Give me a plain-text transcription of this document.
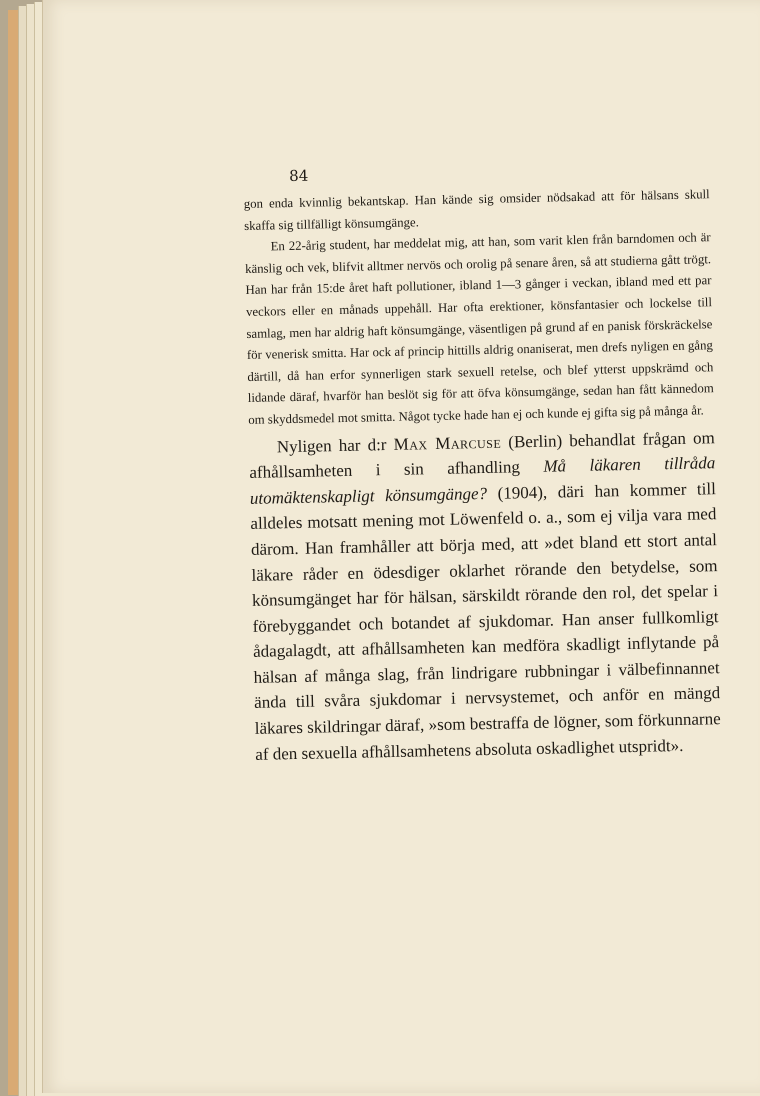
84

gon enda kvinnlig bekantskap. Han kände sig omsider nödsakad att för hälsans skull skaffa sig tillfälligt könsumgänge.

En 22-årig student, har meddelat mig, att han, som varit klen från barndomen och är känslig och vek, blifvit alltmer nervös och orolig på senare åren, så att studierna gått trögt. Han har från 15:de året haft pollutioner, ibland 1—3 gånger i veckan, ibland med ett par veckors eller en månads uppehåll. Har ofta erektioner, könsfantasier och lockelse till samlag, men har aldrig haft könsumgänge, väsentligen på grund af en panisk förskräckelse för venerisk smitta. Har ock af princip hittills aldrig onaniserat, men drefs nyligen en gång därtill, då han erfor synnerligen stark sexuell retelse, och blef ytterst uppskrämd och lidande däraf, hvarför han beslöt sig för att öfva könsumgänge, sedan han fått kännedom om skyddsmedel mot smitta. Något tycke hade han ej och kunde ej gifta sig på många år.

Nyligen har d:r Max Marcuse (Berlin) behandlat frågan om afhållsamheten i sin afhandling Må läkaren tillråda utomäktenskapligt könsumgänge? (1904), däri han kommer till alldeles motsatt mening mot Löwenfeld o. a., som ej vilja vara med därom. Han framhåller att börja med, att »det bland ett stort antal läkare råder en ödesdiger oklarhet rörande den betydelse, som könsumgänget har för hälsan, särskildt rörande den rol, det spelar i förebyggandet och botandet af sjukdomar. Han anser fullkomligt ådagalagdt, att afhållsamheten kan medföra skadligt inflytande på hälsan af många slag, från lindrigare rubbningar i välbefinnannet ända till svåra sjukdomar i nervsystemet, och anför en mängd läkares skildringar däraf, »som bestraffa de lögner, som förkunnarne af den sexuella afhållsamhetens absoluta oskadlighet utspridt».
